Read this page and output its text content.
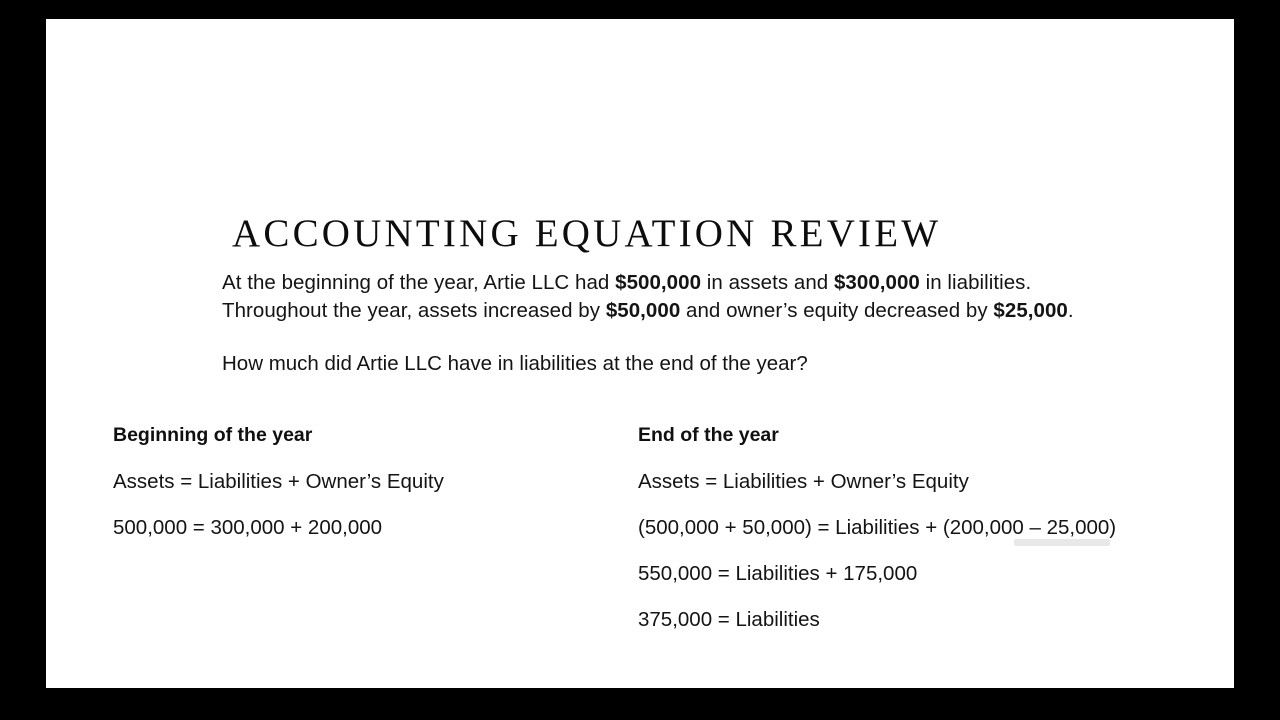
ACCOUNTING EQUATION REVIEW
At the beginning of the year, Artie LLC had $500,000 in assets and $300,000 in liabilities.
Throughout the year, assets increased by $50,000 and owner’s equity decreased by $25,000.
How much did Artie LLC have in liabilities at the end of the year?
Beginning of the year
Assets = Liabilities + Owner’s Equity
500,000 = 300,000 + 200,000
End of the year
Assets = Liabilities + Owner’s Equity
(500,000 + 50,000) = Liabilities + (200,000 – 25,000)
550,000 = Liabilities + 175,000
375,000 = Liabilities
